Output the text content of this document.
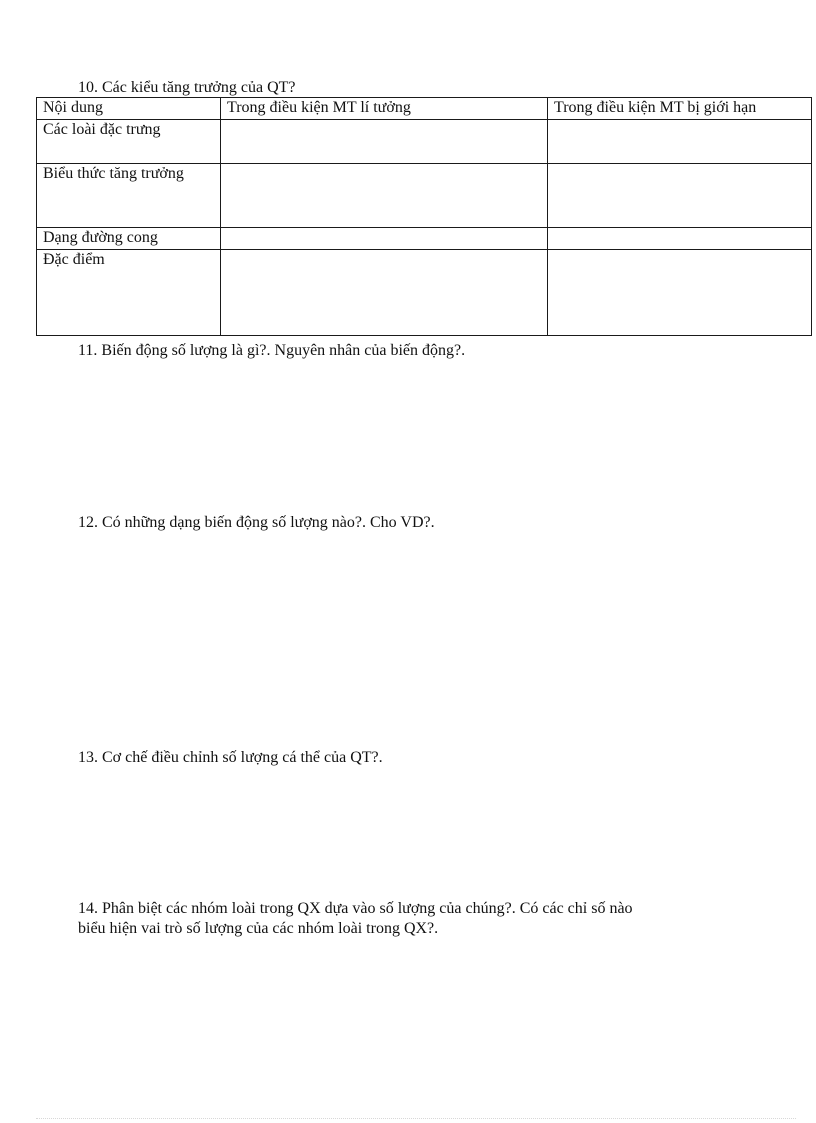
10. Các kiểu tăng trưởng của QT?

Nội dung	Trong điều kiện MT lí tưởng	Trong điều kiện MT bị giới hạn
Các loài đặc trưng		
Biểu thức tăng trưởng		
Dạng đường cong		
Đặc điểm		

11. Biến động số lượng là gì?. Nguyên nhân của biến động?.

12. Có những dạng biến động số lượng nào?. Cho VD?.

13. Cơ chế điều chỉnh số lượng cá thể của QT?.

14. Phân biệt các nhóm loài trong QX dựa vào số lượng của chúng?. Có các chỉ số nào

biểu hiện vai trò số lượng của các nhóm loài trong QX?.
